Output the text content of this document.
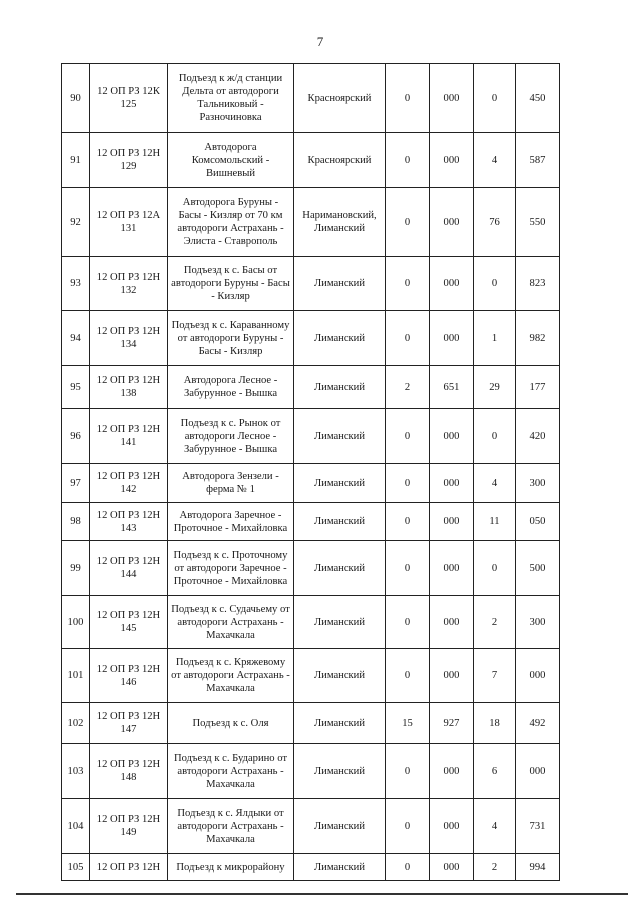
7
90	12 ОП РЗ 12К 125	Подъезд к ж/д станции Дельта от автодороги Тальниковый - Разночиновка	Красноярский	0	000	0	450
91	12 ОП РЗ 12Н 129	Автодорога Комсомольский - Вишневый	Красноярский	0	000	4	587
92	12 ОП РЗ 12А 131	Автодорога Буруны - Басы - Кизляр от 70 км автодороги Астрахань - Элиста - Ставрополь	Наримановский, Лиманский	0	000	76	550
93	12 ОП РЗ 12Н 132	Подъезд к с. Басы от автодороги Буруны - Басы - Кизляр	Лиманский	0	000	0	823
94	12 ОП РЗ 12Н 134	Подъезд к с. Караванному от автодороги Буруны - Басы - Кизляр	Лиманский	0	000	1	982
95	12 ОП РЗ 12Н 138	Автодорога Лесное - Забурунное - Вышка	Лиманский	2	651	29	177
96	12 ОП РЗ 12Н 141	Подъезд к с. Рынок от автодороги Лесное - Забурунное - Вышка	Лиманский	0	000	0	420
97	12 ОП РЗ 12Н 142	Автодорога Зензели - ферма № 1	Лиманский	0	000	4	300
98	12 ОП РЗ 12Н 143	Автодорога Заречное - Проточное - Михайловка	Лиманский	0	000	11	050
99	12 ОП РЗ 12Н 144	Подъезд к с. Проточному от автодороги Заречное - Проточное - Михайловка	Лиманский	0	000	0	500
100	12 ОП РЗ 12Н 145	Подъезд к с. Судачьему от автодороги Астрахань - Махачкала	Лиманский	0	000	2	300
101	12 ОП РЗ 12Н 146	Подъезд к с. Кряжевому от автодороги Астрахань - Махачкала	Лиманский	0	000	7	000
102	12 ОП РЗ 12Н 147	Подъезд к с. Оля	Лиманский	15	927	18	492
103	12 ОП РЗ 12Н 148	Подъезд к с. Бударино от автодороги Астрахань - Махачкала	Лиманский	0	000	6	000
104	12 ОП РЗ 12Н 149	Подъезд к с. Ялдыки от автодороги Астрахань - Махачкала	Лиманский	0	000	4	731
105	12 ОП РЗ 12Н	Подъезд к микрорайону	Лиманский	0	000	2	994
